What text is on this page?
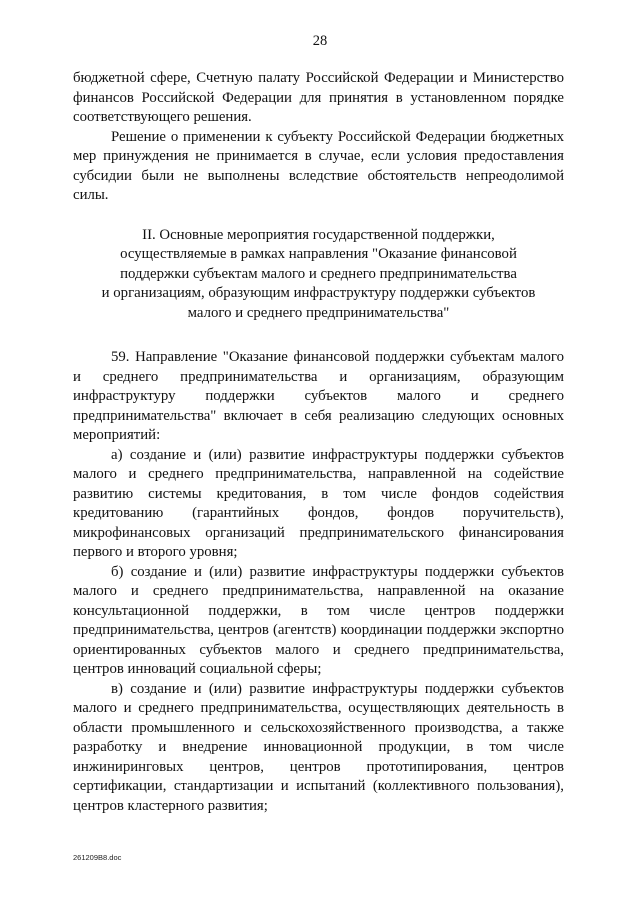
28

бюджетной сфере, Счетную палату Российской Федерации и Министерство финансов Российской Федерации для принятия в установленном порядке соответствующего решения.

Решение о применении к субъекту Российской Федерации бюджетных мер принуждения не принимается в случае, если условия предоставления субсидии были не выполнены вследствие обстоятельств непреодолимой силы.

II. Основные мероприятия государственной поддержки,
осуществляемые в рамках направления "Оказание финансовой
поддержки субъектам малого и среднего предпринимательства
и организациям, образующим инфраструктуру поддержки субъектов
малого и среднего предпринимательства"

59. Направление "Оказание финансовой поддержки субъектам малого и среднего предпринимательства и организациям, образующим инфраструктуру поддержки субъектов малого и среднего предпринимательства" включает в себя реализацию следующих основных мероприятий:

а) создание и (или) развитие инфраструктуры поддержки субъектов малого и среднего предпринимательства, направленной на содействие развитию системы кредитования, в том числе фондов содействия кредитованию (гарантийных фондов, фондов поручительств), микрофинансовых организаций предпринимательского финансирования первого и второго уровня;

б) создание и (или) развитие инфраструктуры поддержки субъектов малого и среднего предпринимательства, направленной на оказание консультационной поддержки, в том числе центров поддержки предпринимательства, центров (агентств) координации поддержки экспортно ориентированных субъектов малого и среднего предпринимательства, центров инноваций социальной сферы;

в) создание и (или) развитие инфраструктуры поддержки субъектов малого и среднего предпринимательства, осуществляющих деятельность в области промышленного и сельскохозяйственного производства, а также разработку и внедрение инновационной продукции, в том числе инжиниринговых центров, центров прототипирования, центров сертификации, стандартизации и испытаний (коллективного пользования), центров кластерного развития;

261209B8.doc
